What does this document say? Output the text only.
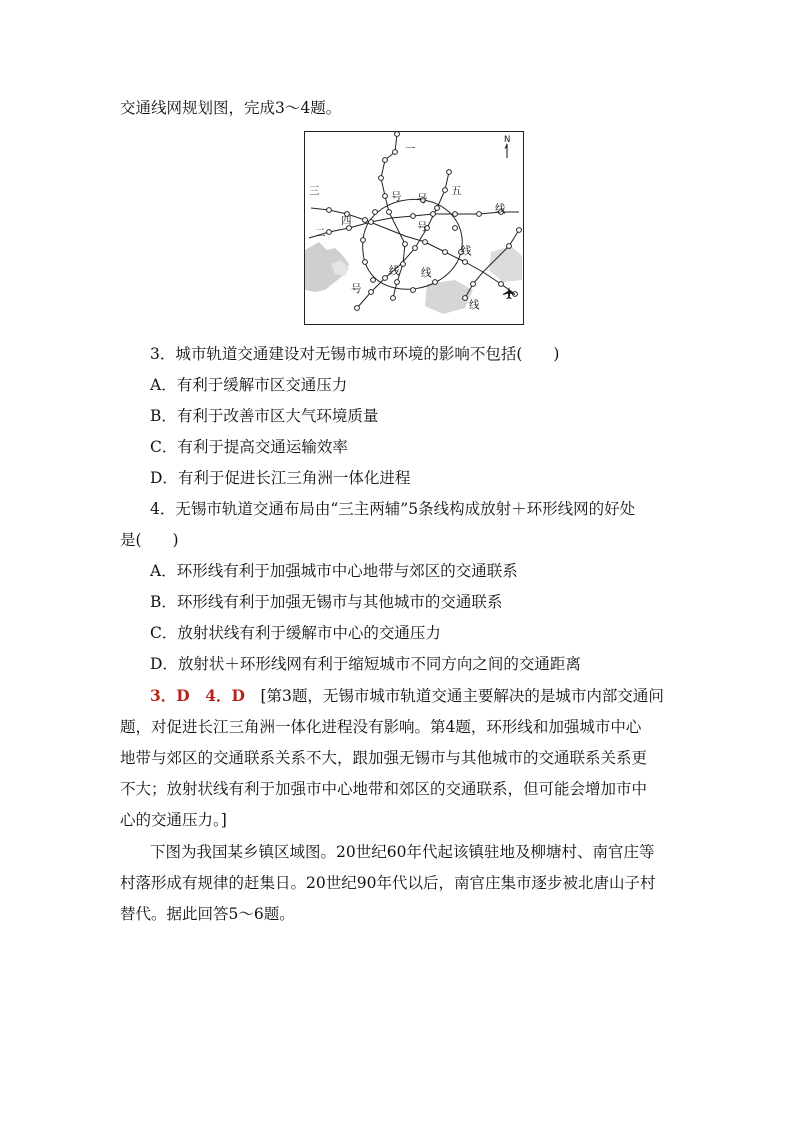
交通线网规划图，完成3～4题。
一
三
四
二
五
号 号
号
号
线
线
线 线
线
N
3．城市轨道交通建设对无锡市城市环境的影响不包括(　　)
A．有利于缓解市区交通压力
B．有利于改善市区大气环境质量
C．有利于提高交通运输效率
D．有利于促进长江三角洲一体化进程
4．无锡市轨道交通布局由“三主两辅”5条线构成放射＋环形线网的好处
是(　　)
A．环形线有利于加强城市中心地带与郊区的交通联系
B．环形线有利于加强无锡市与其他城市的交通联系
C．放射状线有利于缓解市中心的交通压力
D．放射状＋环形线网有利于缩短城市不同方向之间的交通距离
3．D　4．D　[第3题，无锡市城市轨道交通主要解决的是城市内部交通问
题，对促进长江三角洲一体化进程没有影响。第4题，环形线和加强城市中心
地带与郊区的交通联系关系不大，跟加强无锡市与其他城市的交通联系关系更
不大；放射状线有利于加强市中心地带和郊区的交通联系，但可能会增加市中
心的交通压力。]
下图为我国某乡镇区域图。20世纪60年代起该镇驻地及柳塘村、南官庄等
村落形成有规律的赶集日。20世纪90年代以后，南官庄集市逐步被北唐山子村
替代。据此回答5～6题。
